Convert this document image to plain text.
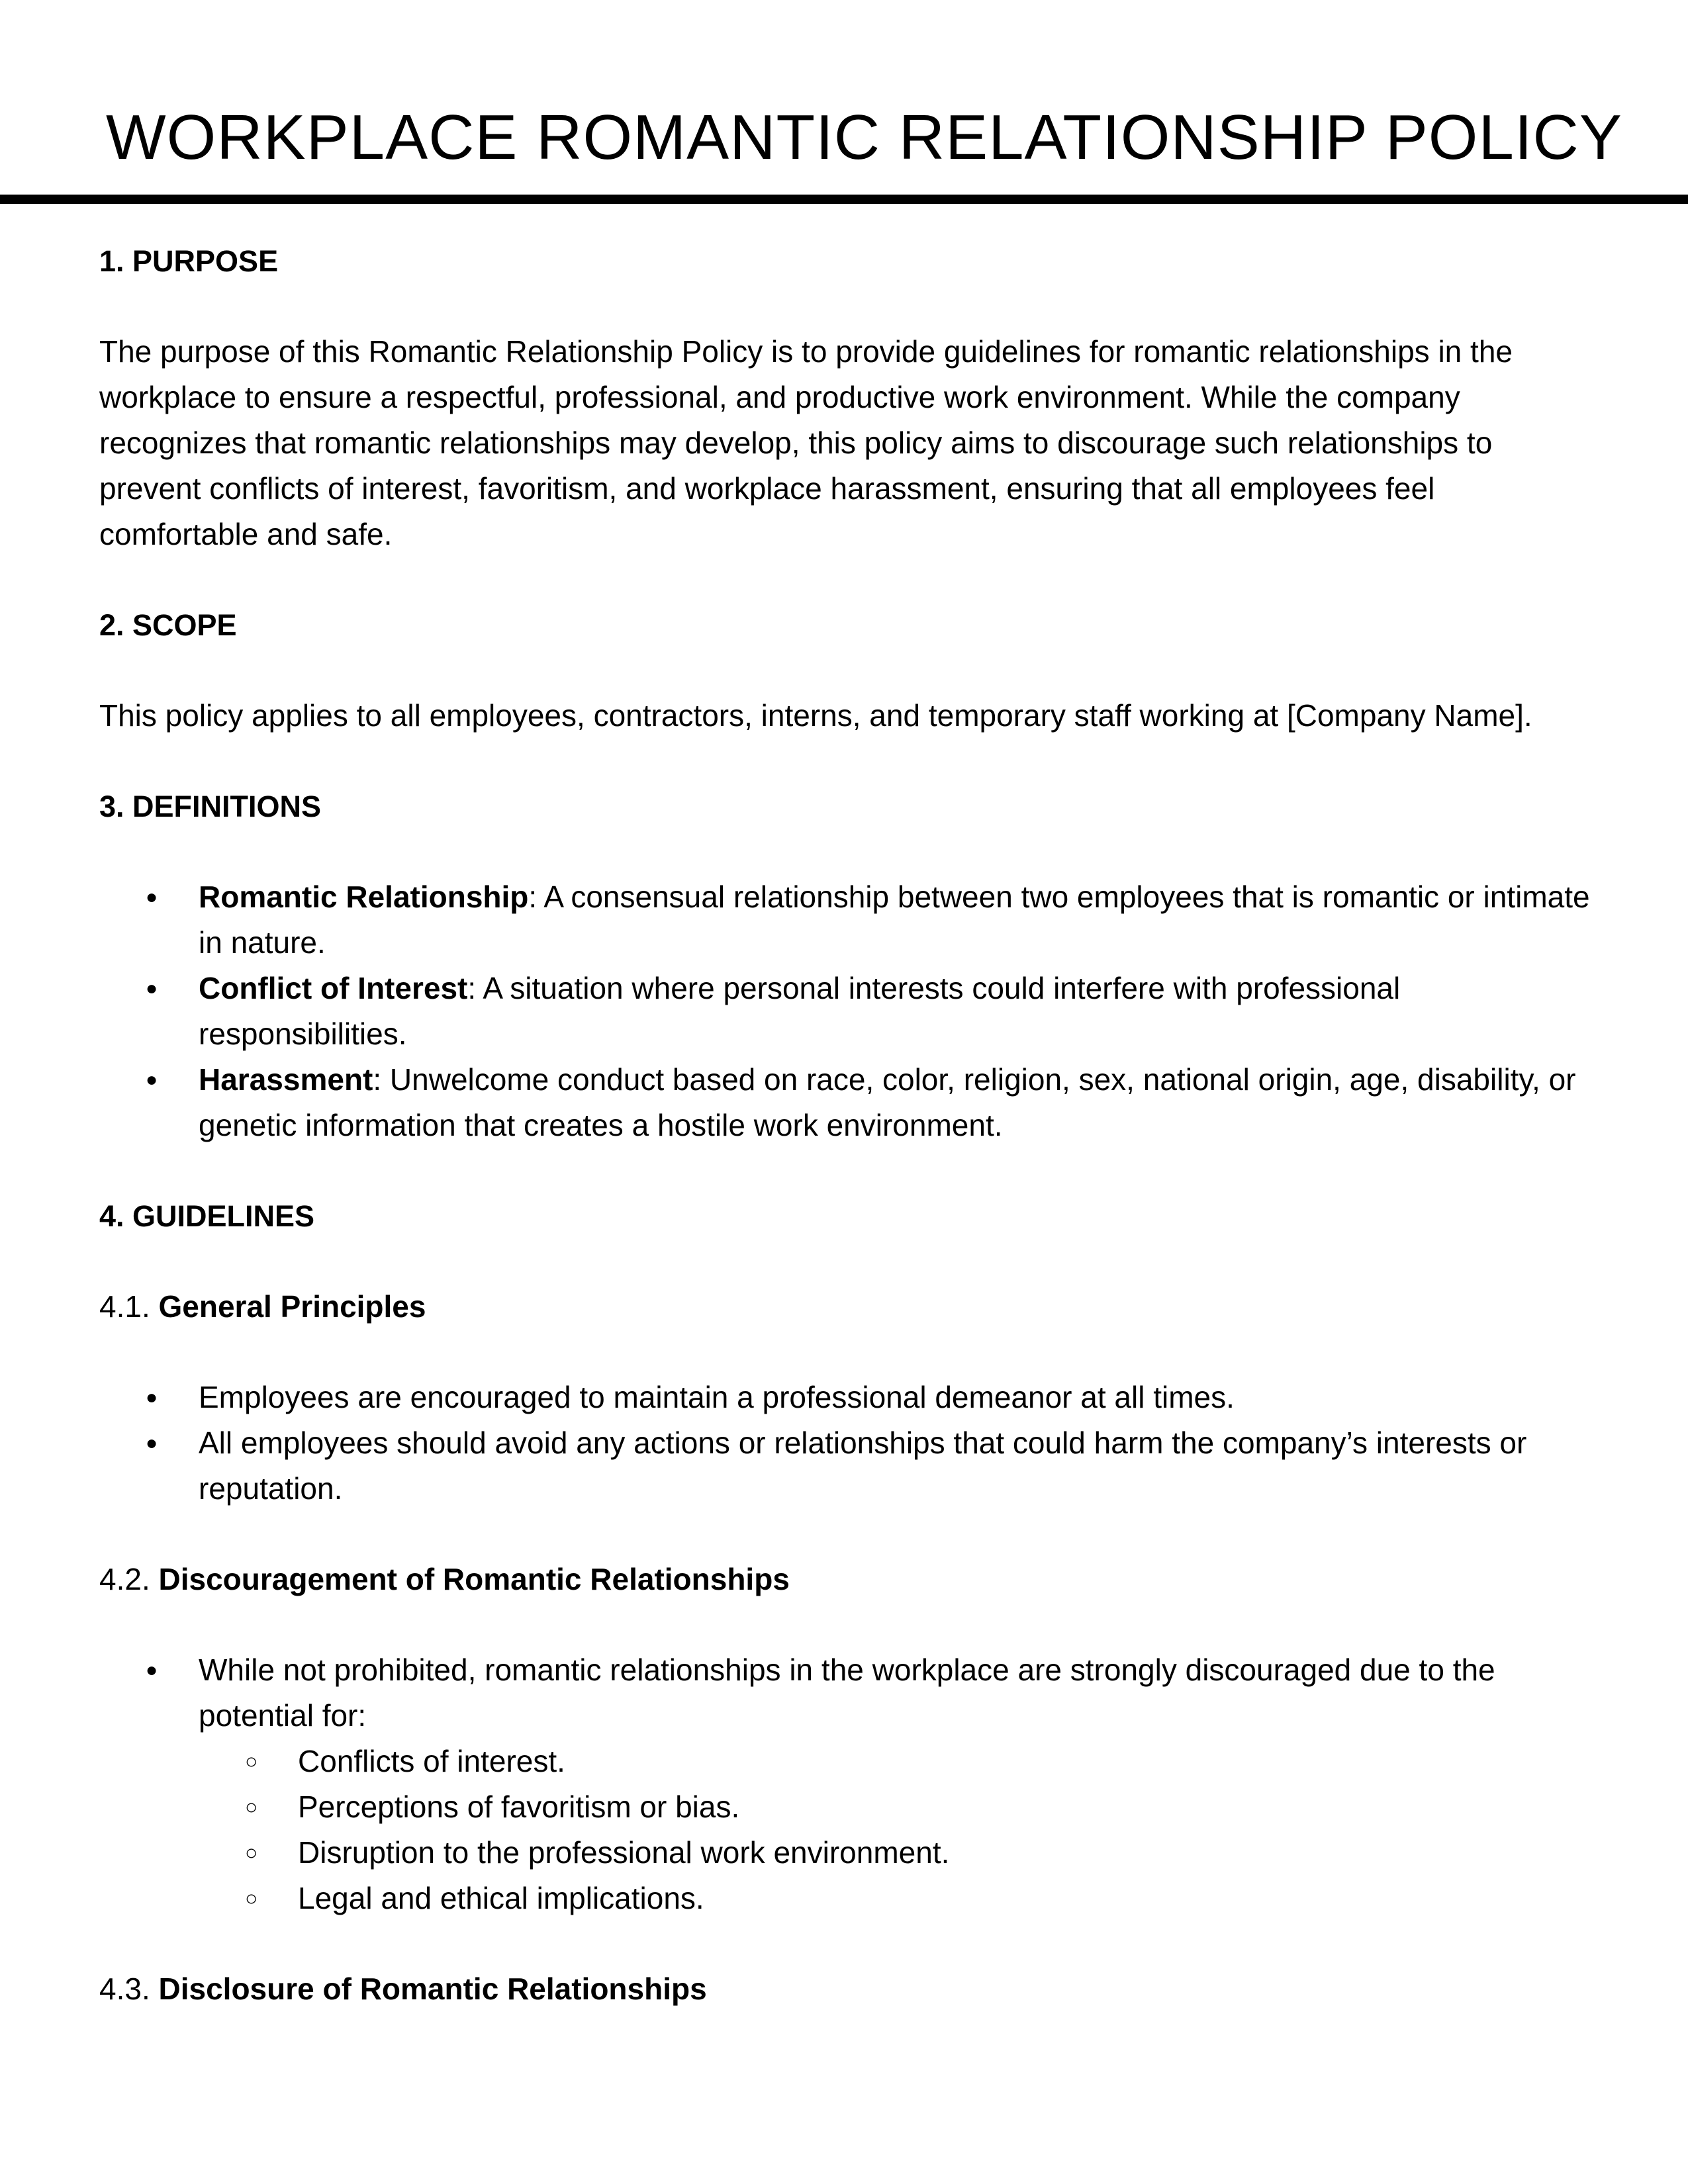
WORKPLACE ROMANTIC RELATIONSHIP POLICY
1. PURPOSE
The purpose of this Romantic Relationship Policy is to provide guidelines for romantic relationships in the workplace to ensure a respectful, professional, and productive work environment. While the company recognizes that romantic relationships may develop, this policy aims to discourage such relationships to prevent conflicts of interest, favoritism, and workplace harassment, ensuring that all employees feel comfortable and safe.
2. SCOPE
This policy applies to all employees, contractors, interns, and temporary staff working at [Company Name].
3. DEFINITIONS
● Romantic Relationship: A consensual relationship between two employees that is romantic or intimate in nature.
● Conflict of Interest: A situation where personal interests could interfere with professional responsibilities.
● Harassment: Unwelcome conduct based on race, color, religion, sex, national origin, age, disability, or genetic information that creates a hostile work environment.
4. GUIDELINES
4.1. General Principles
● Employees are encouraged to maintain a professional demeanor at all times.
● All employees should avoid any actions or relationships that could harm the company’s interests or reputation.
4.2. Discouragement of Romantic Relationships
● While not prohibited, romantic relationships in the workplace are strongly discouraged due to the potential for:
○ Conflicts of interest.
○ Perceptions of favoritism or bias.
○ Disruption to the professional work environment.
○ Legal and ethical implications.
4.3. Disclosure of Romantic Relationships
